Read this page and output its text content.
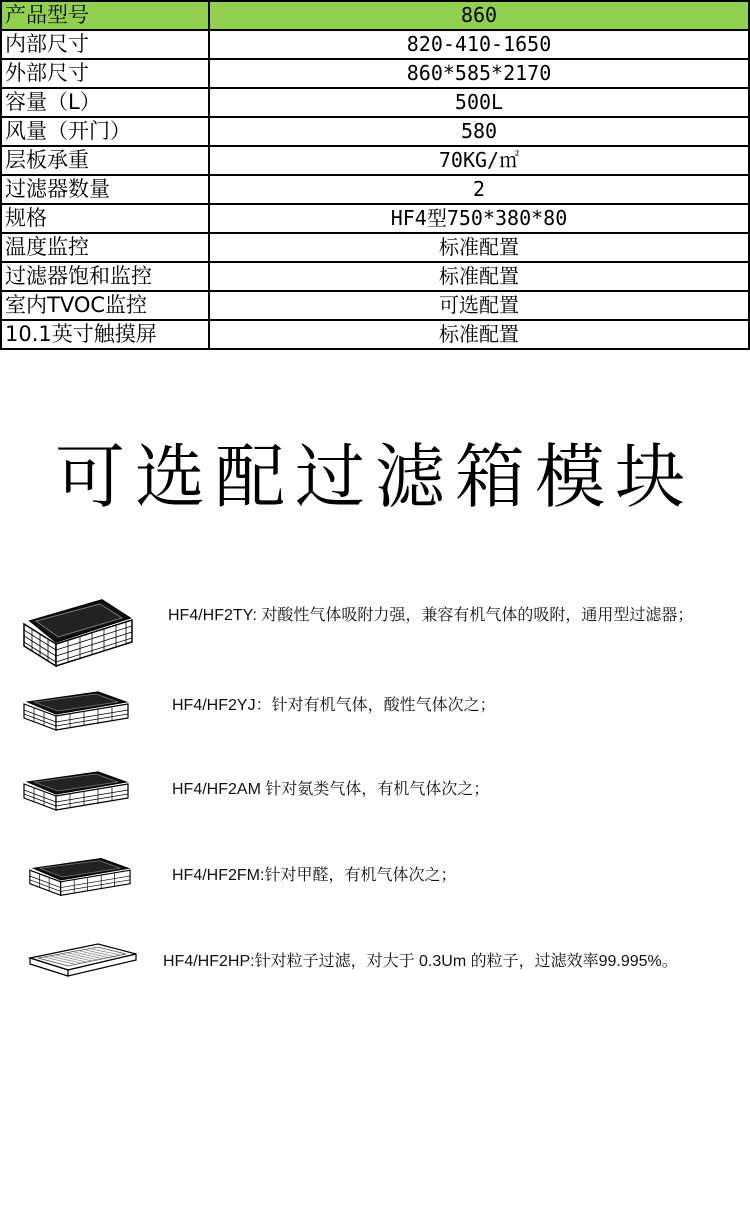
产品型号	860
内部尺寸	820-410-1650
外部尺寸	860*585*2170
容量（L）	500L
风量（开门）	580
层板承重	70KG/㎡
过滤器数量	2
规格	HF4型750*380*80
温度监控	标准配置
过滤器饱和监控	标准配置
室内TVOC监控	可选配置
10.1英寸触摸屏	标准配置
可选配过滤箱模块
HF4/HF2TY: 对酸性气体吸附力强，兼容有机气体的吸附，通用型过滤器；
HF4/HF2YJ：针对有机气体，酸性气体次之；
HF4/HF2AM 针对氨类气体，有机气体次之；
HF4/HF2FM:针对甲醛，有机气体次之；
HF4/HF2HP:针对粒子过滤，对大于 0.3Um 的粒子，过滤效率99.995%。
